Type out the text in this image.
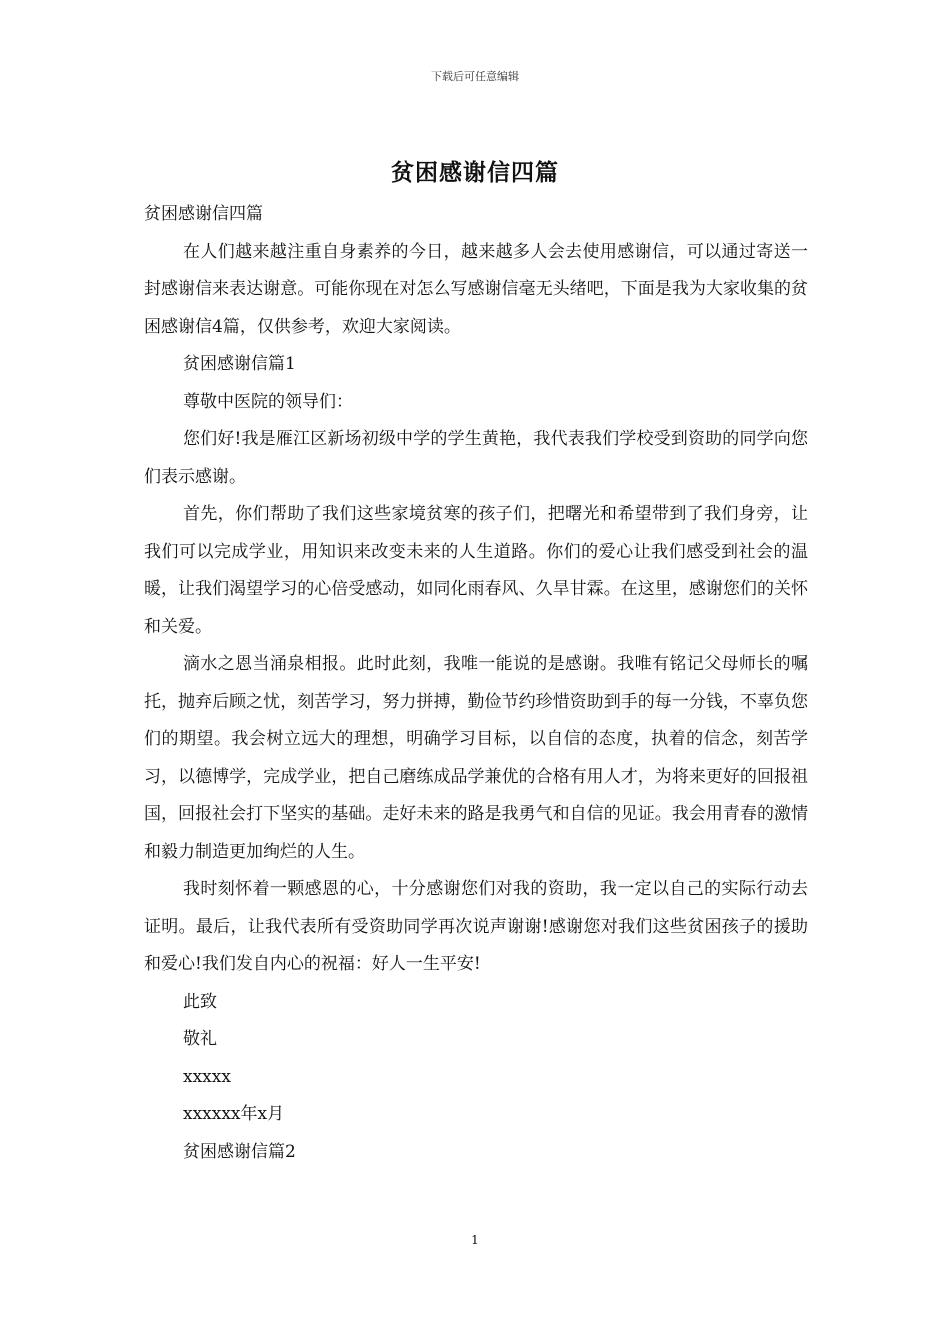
下载后可任意编辑
贫困感谢信四篇

贫困感谢信四篇

在人们越来越注重自身素养的今日，越来越多人会去使用感谢信，可以通过寄送一封感谢信来表达谢意。可能你现在对怎么写感谢信毫无头绪吧，下面是我为大家收集的贫困感谢信4篇，仅供参考，欢迎大家阅读。

贫困感谢信篇1

尊敬中医院的领导们：

您们好!我是雁江区新场初级中学的学生黄艳，我代表我们学校受到资助的同学向您们表示感谢。

首先，你们帮助了我们这些家境贫寒的孩子们，把曙光和希望带到了我们身旁，让我们可以完成学业，用知识来改变未来的人生道路。你们的爱心让我们感受到社会的温暖，让我们渴望学习的心倍受感动，如同化雨春风、久旱甘霖。在这里，感谢您们的关怀和关爱。

滴水之恩当涌泉相报。此时此刻，我唯一能说的是感谢。我唯有铭记父母师长的嘱托，抛弃后顾之忧，刻苦学习，努力拼搏，勤俭节约珍惜资助到手的每一分钱，不辜负您们的期望。我会树立远大的理想，明确学习目标，以自信的态度，执着的信念，刻苦学习，以德博学，完成学业，把自己磨练成品学兼优的合格有用人才，为将来更好的回报祖国，回报社会打下坚实的基础。走好未来的路是我勇气和自信的见证。我会用青春的激情和毅力制造更加绚烂的人生。

我时刻怀着一颗感恩的心，十分感谢您们对我的资助，我一定以自己的实际行动去证明。最后，让我代表所有受资助同学再次说声谢谢!感谢您对我们这些贫困孩子的援助和爱心!我们发自内心的祝福：好人一生平安!

此致

敬礼

xxxxx

xxxxxx年x月

贫困感谢信篇2

1
